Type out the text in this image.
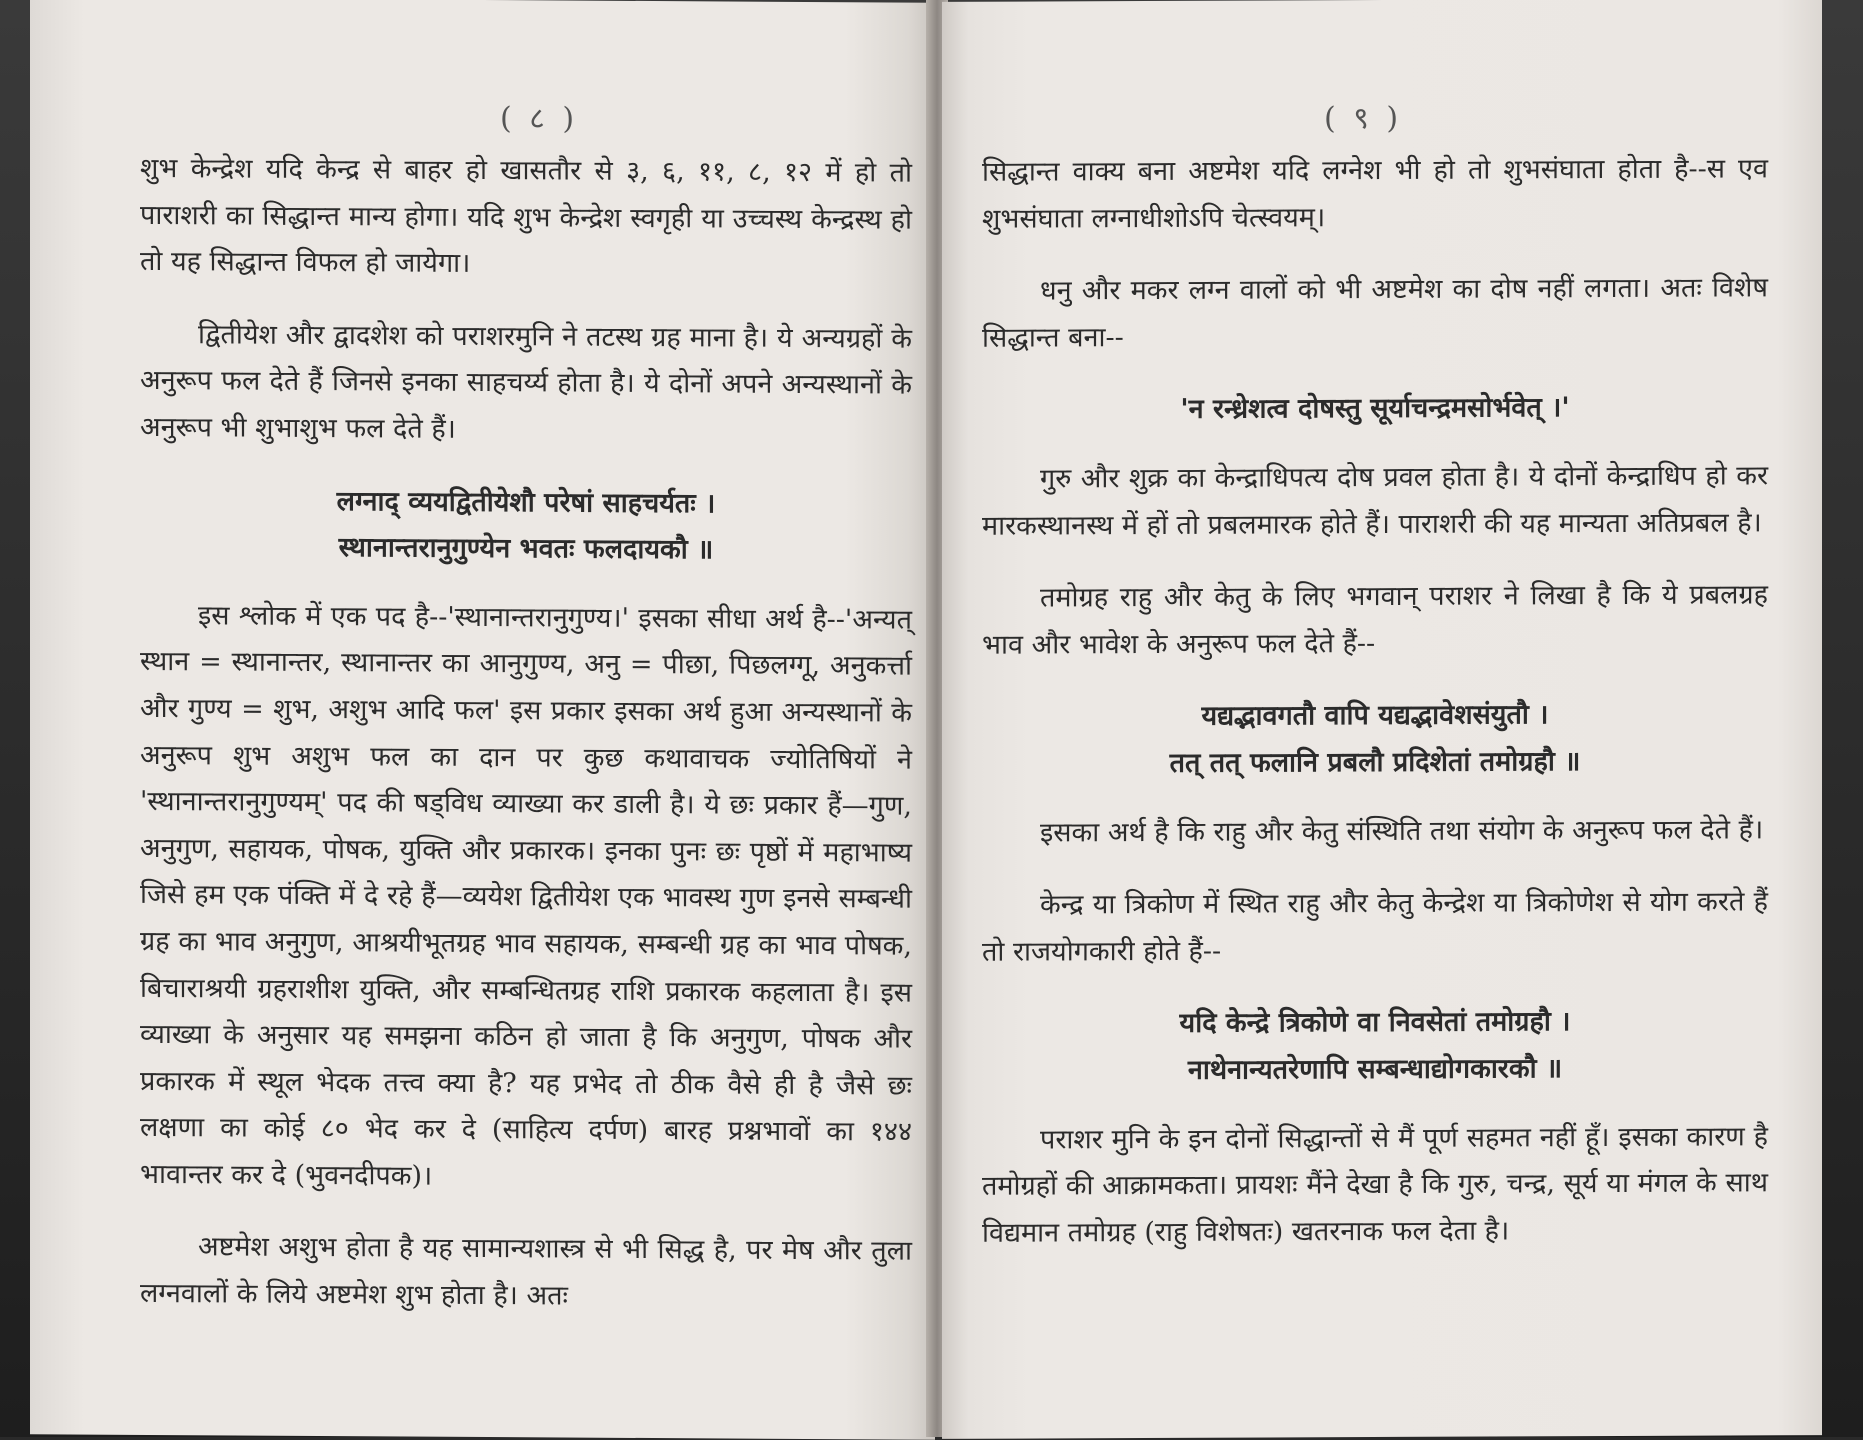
( ८ )

शुभ केन्द्रेश यदि केन्द्र से बाहर हो खासतौर से ३, ६, ११, ८, १२ में हो तो पाराशरी का सिद्धान्त मान्य होगा। यदि शुभ केन्द्रेश स्वगृही या उच्चस्थ केन्द्रस्थ हो तो यह सिद्धान्त विफल हो जायेगा।

द्वितीयेश और द्वादशेश को पराशरमुनि ने तटस्थ ग्रह माना है। ये अन्यग्रहों के अनुरूप फल देते हैं जिनसे इनका साहचर्य्य होता है। ये दोनों अपने अन्यस्थानों के अनुरूप भी शुभाशुभ फल देते हैं।

लग्नाद् व्ययद्वितीयेशौ परेषां साहचर्यतः ।
स्थानान्तरानुगुण्येन भवतः फलदायकौ ॥

इस श्लोक में एक पद है--'स्थानान्तरानुगुण्य।' इसका सीधा अर्थ है--'अन्यत् स्थान = स्थानान्तर, स्थानान्तर का आनुगुण्य, अनु = पीछा, पिछलग्गू, अनुकर्त्ता और गुण्य = शुभ, अशुभ आदि फल' इस प्रकार इसका अर्थ हुआ अन्यस्थानों के अनुरूप शुभ अशुभ फल का दान पर कुछ कथावाचक ज्योतिषियों ने 'स्थानान्तरानुगुण्यम्' पद की षड्विध व्याख्या कर डाली है। ये छः प्रकार हैं—गुण, अनुगुण, सहायक, पोषक, युक्ति और प्रकारक। इनका पुनः छः पृष्ठों में महाभाष्य जिसे हम एक पंक्ति में दे रहे हैं—व्ययेश द्वितीयेश एक भावस्थ गुण इनसे सम्बन्धी ग्रह का भाव अनुगुण, आश्रयीभूतग्रह भाव सहायक, सम्बन्धी ग्रह का भाव पोषक, बिचाराश्रयी ग्रहराशीश युक्ति, और सम्बन्धितग्रह राशि प्रकारक कहलाता है। इस व्याख्या के अनुसार यह समझना कठिन हो जाता है कि अनुगुण, पोषक और प्रकारक में स्थूल भेदक तत्त्व क्या है? यह प्रभेद तो ठीक वैसे ही है जैसे छः लक्षणा का कोई ८० भेद कर दे (साहित्य दर्पण) बारह प्रश्नभावों का १४४ भावान्तर कर दे (भुवनदीपक)।

अष्टमेश अशुभ होता है यह सामान्यशास्त्र से भी सिद्ध है, पर मेष और तुला लग्नवालों के लिये अष्टमेश शुभ होता है। अतः

( ९ )

सिद्धान्त वाक्य बना अष्टमेश यदि लग्नेश भी हो तो शुभसंघाता होता है--स एव शुभसंघाता लग्नाधीशोऽपि चेत्स्वयम्।

धनु और मकर लग्न वालों को भी अष्टमेश का दोष नहीं लगता। अतः विशेष सिद्धान्त बना--

'न रन्ध्रेशत्व दोषस्तु सूर्याचन्द्रमसोर्भवेत् ।'

गुरु और शुक्र का केन्द्राधिपत्य दोष प्रवल होता है। ये दोनों केन्द्राधिप हो कर मारकस्थानस्थ में हों तो प्रबलमारक होते हैं। पाराशरी की यह मान्यता अतिप्रबल है।

तमोग्रह राहु और केतु के लिए भगवान् पराशर ने लिखा है कि ये प्रबलग्रह भाव और भावेश के अनुरूप फल देते हैं--

यद्यद्भावगतौ वापि यद्यद्भावेशसंयुतौ ।
तत् तत् फलानि प्रबलौ प्रदिशेतां तमोग्रहौ ॥

इसका अर्थ है कि राहु और केतु संस्थिति तथा संयोग के अनुरूप फल देते हैं।

केन्द्र या त्रिकोण में स्थित राहु और केतु केन्द्रेश या त्रिकोणेश से योग करते हैं तो राजयोगकारी होते हैं--

यदि केन्द्रे त्रिकोणे वा निवसेतां तमोग्रहौ ।
नाथेनान्यतरेणापि सम्बन्धाद्योगकारकौ ॥

पराशर मुनि के इन दोनों सिद्धान्तों से मैं पूर्ण सहमत नहीं हूँ। इसका कारण है तमोग्रहों की आक्रामकता। प्रायशः मैंने देखा है कि गुरु, चन्द्र, सूर्य या मंगल के साथ विद्यमान तमोग्रह (राहु विशेषतः) खतरनाक फल देता है।
